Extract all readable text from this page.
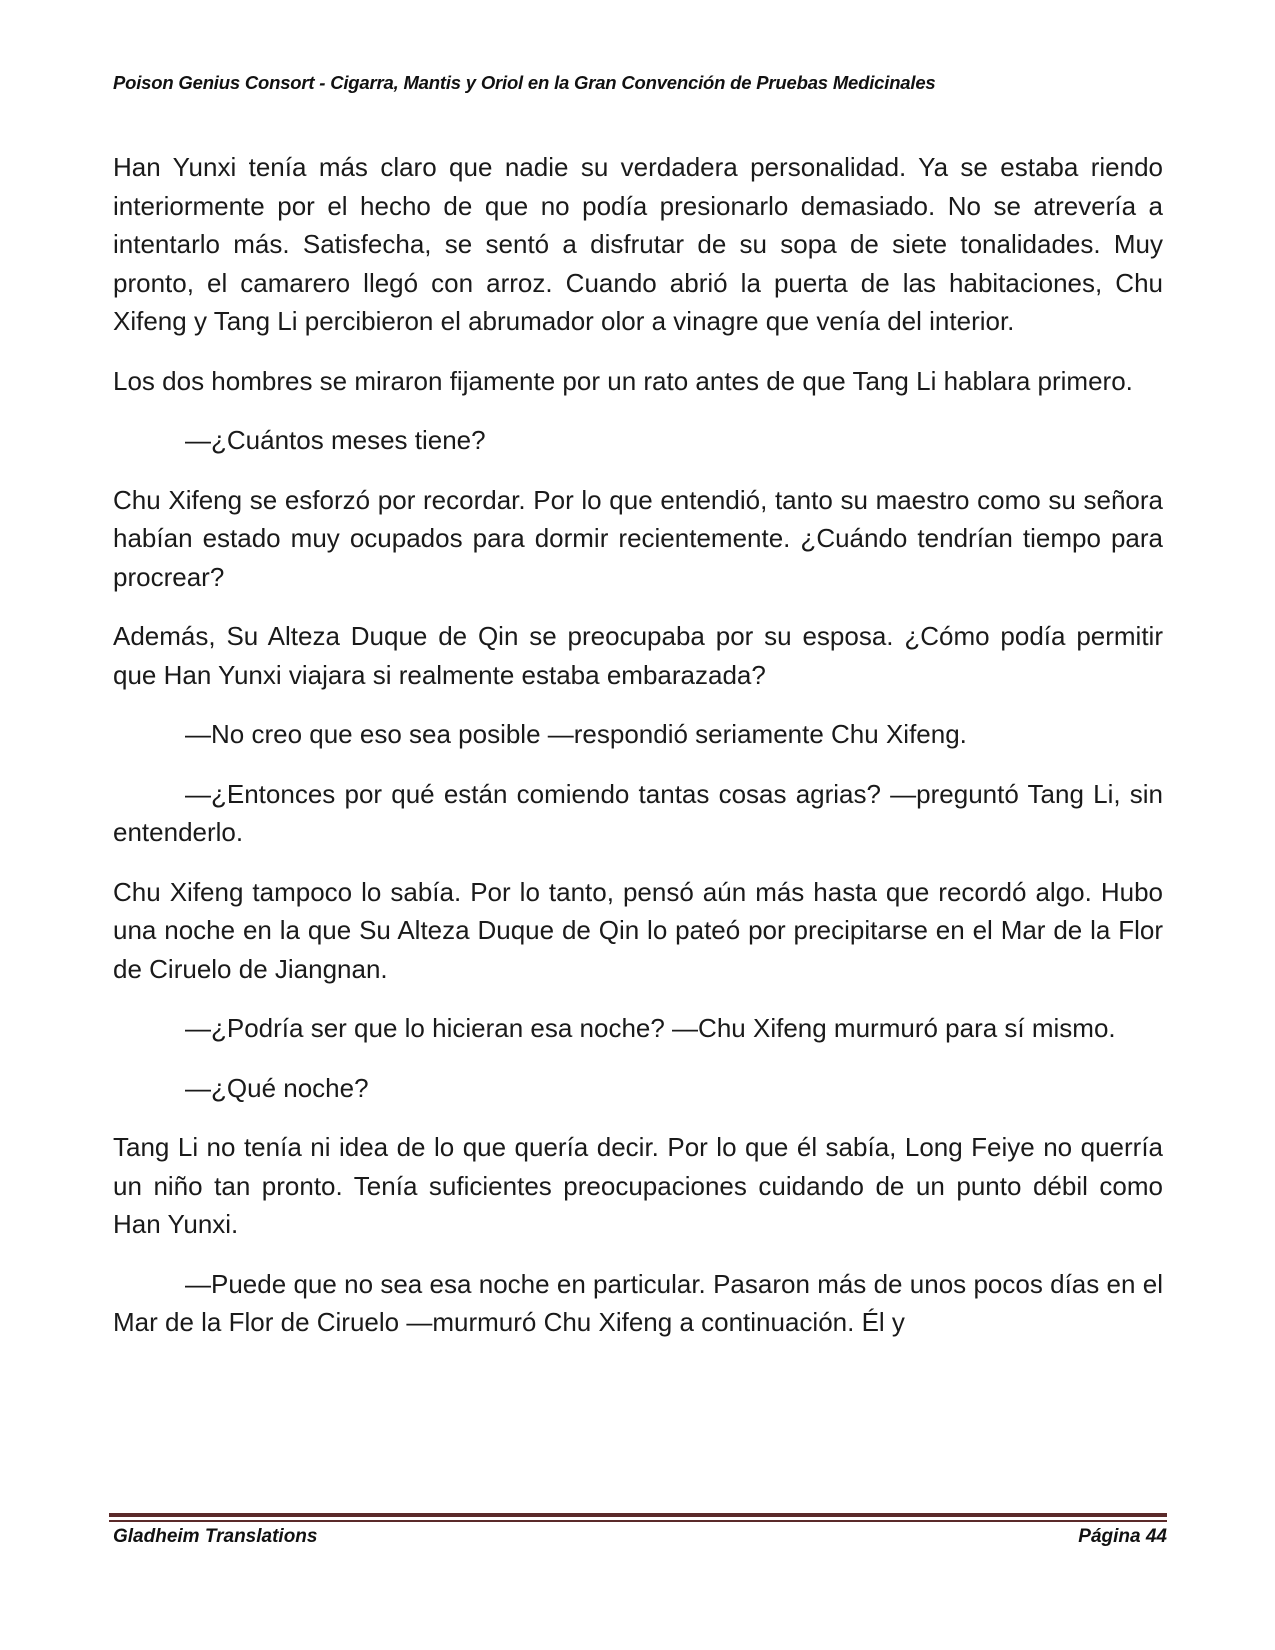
Poison Genius Consort - Cigarra, Mantis y Oriol en la Gran Convención de Pruebas Medicinales

Han Yunxi tenía más claro que nadie su verdadera personalidad. Ya se estaba riendo interiormente por el hecho de que no podía presionarlo demasiado. No se atrevería a intentarlo más. Satisfecha, se sentó a disfrutar de su sopa de siete tonalidades. Muy pronto, el camarero llegó con arroz. Cuando abrió la puerta de las habitaciones, Chu Xifeng y Tang Li percibieron el abrumador olor a vinagre que venía del interior.

Los dos hombres se miraron fijamente por un rato antes de que Tang Li hablara primero.

—¿Cuántos meses tiene?

Chu Xifeng se esforzó por recordar. Por lo que entendió, tanto su maestro como su señora habían estado muy ocupados para dormir recientemente. ¿Cuándo tendrían tiempo para procrear?

Además, Su Alteza Duque de Qin se preocupaba por su esposa. ¿Cómo podía permitir que Han Yunxi viajara si realmente estaba embarazada?

—No creo que eso sea posible —respondió seriamente Chu Xifeng.

—¿Entonces por qué están comiendo tantas cosas agrias? —preguntó Tang Li, sin entenderlo.

Chu Xifeng tampoco lo sabía. Por lo tanto, pensó aún más hasta que recordó algo. Hubo una noche en la que Su Alteza Duque de Qin lo pateó por precipitarse en el Mar de la Flor de Ciruelo de Jiangnan.

—¿Podría ser que lo hicieran esa noche? —Chu Xifeng murmuró para sí mismo.

—¿Qué noche?

Tang Li no tenía ni idea de lo que quería decir. Por lo que él sabía, Long Feiye no querría un niño tan pronto. Tenía suficientes preocupaciones cuidando de un punto débil como Han Yunxi.

—Puede que no sea esa noche en particular. Pasaron más de unos pocos días en el Mar de la Flor de Ciruelo —murmuró Chu Xifeng a continuación. Él y

Gladheim Translations	Página 44
